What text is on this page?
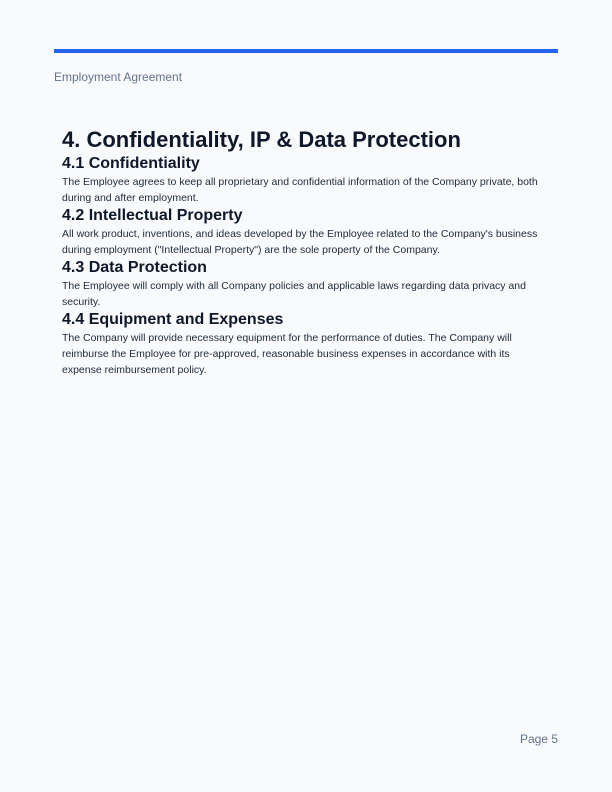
Employment Agreement
4. Confidentiality, IP & Data Protection
4.1 Confidentiality

The Employee agrees to keep all proprietary and confidential information of the Company private, both during and after employment.

4.2 Intellectual Property

All work product, inventions, and ideas developed by the Employee related to the Company's business during employment ("Intellectual Property") are the sole property of the Company.

4.3 Data Protection

The Employee will comply with all Company policies and applicable laws regarding data privacy and security.

4.4 Equipment and Expenses

The Company will provide necessary equipment for the performance of duties. The Company will reimburse the Employee for pre-approved, reasonable business expenses in accordance with its expense reimbursement policy.

Page 5
